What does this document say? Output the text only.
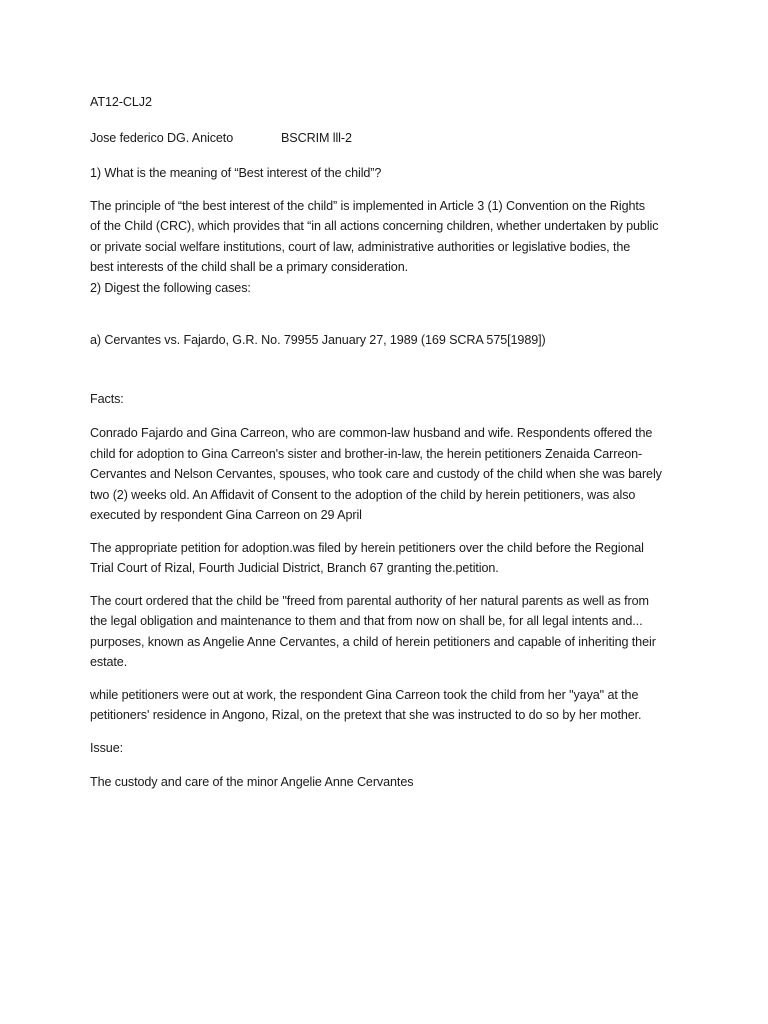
AT12-CLJ2
Jose federico DG. Aniceto	BSCRIM lll-2
1) What is the meaning of “Best interest of the child”?
The principle of “the best interest of the child” is implemented in Article 3 (1) Convention on the Rights
of the Child (CRC), which provides that “in all actions concerning children, whether undertaken by public
or private social welfare institutions, court of law, administrative authorities or legislative bodies, the
best interests of the child shall be a primary consideration.
2) Digest the following cases:
a) Cervantes vs. Fajardo, G.R. No. 79955 January 27, 1989 (169 SCRA 575[1989])
Facts:
Conrado Fajardo and Gina Carreon, who are common-law husband and wife. Respondents offered the
child for adoption to Gina Carreon's sister and brother-in-law, the herein petitioners Zenaida Carreon-
Cervantes and Nelson Cervantes, spouses, who took care and custody of the child when she was barely
two (2) weeks old. An Affidavit of Consent to the adoption of the child by herein petitioners, was also
executed by respondent Gina Carreon on 29 April
The appropriate petition for adoption.was filed by herein petitioners over the child before the Regional
Trial Court of Rizal, Fourth Judicial District, Branch 67 granting the.petition.
The court ordered that the child be "freed from parental authority of her natural parents as well as from
the legal obligation and maintenance to them and that from now on shall be, for all legal intents and...
purposes, known as Angelie Anne Cervantes, a child of herein petitioners and capable of inheriting their
estate.
while petitioners were out at work, the respondent Gina Carreon took the child from her "yaya" at the
petitioners' residence in Angono, Rizal, on the pretext that she was instructed to do so by her mother.
Issue:
The custody and care of the minor Angelie Anne Cervantes
